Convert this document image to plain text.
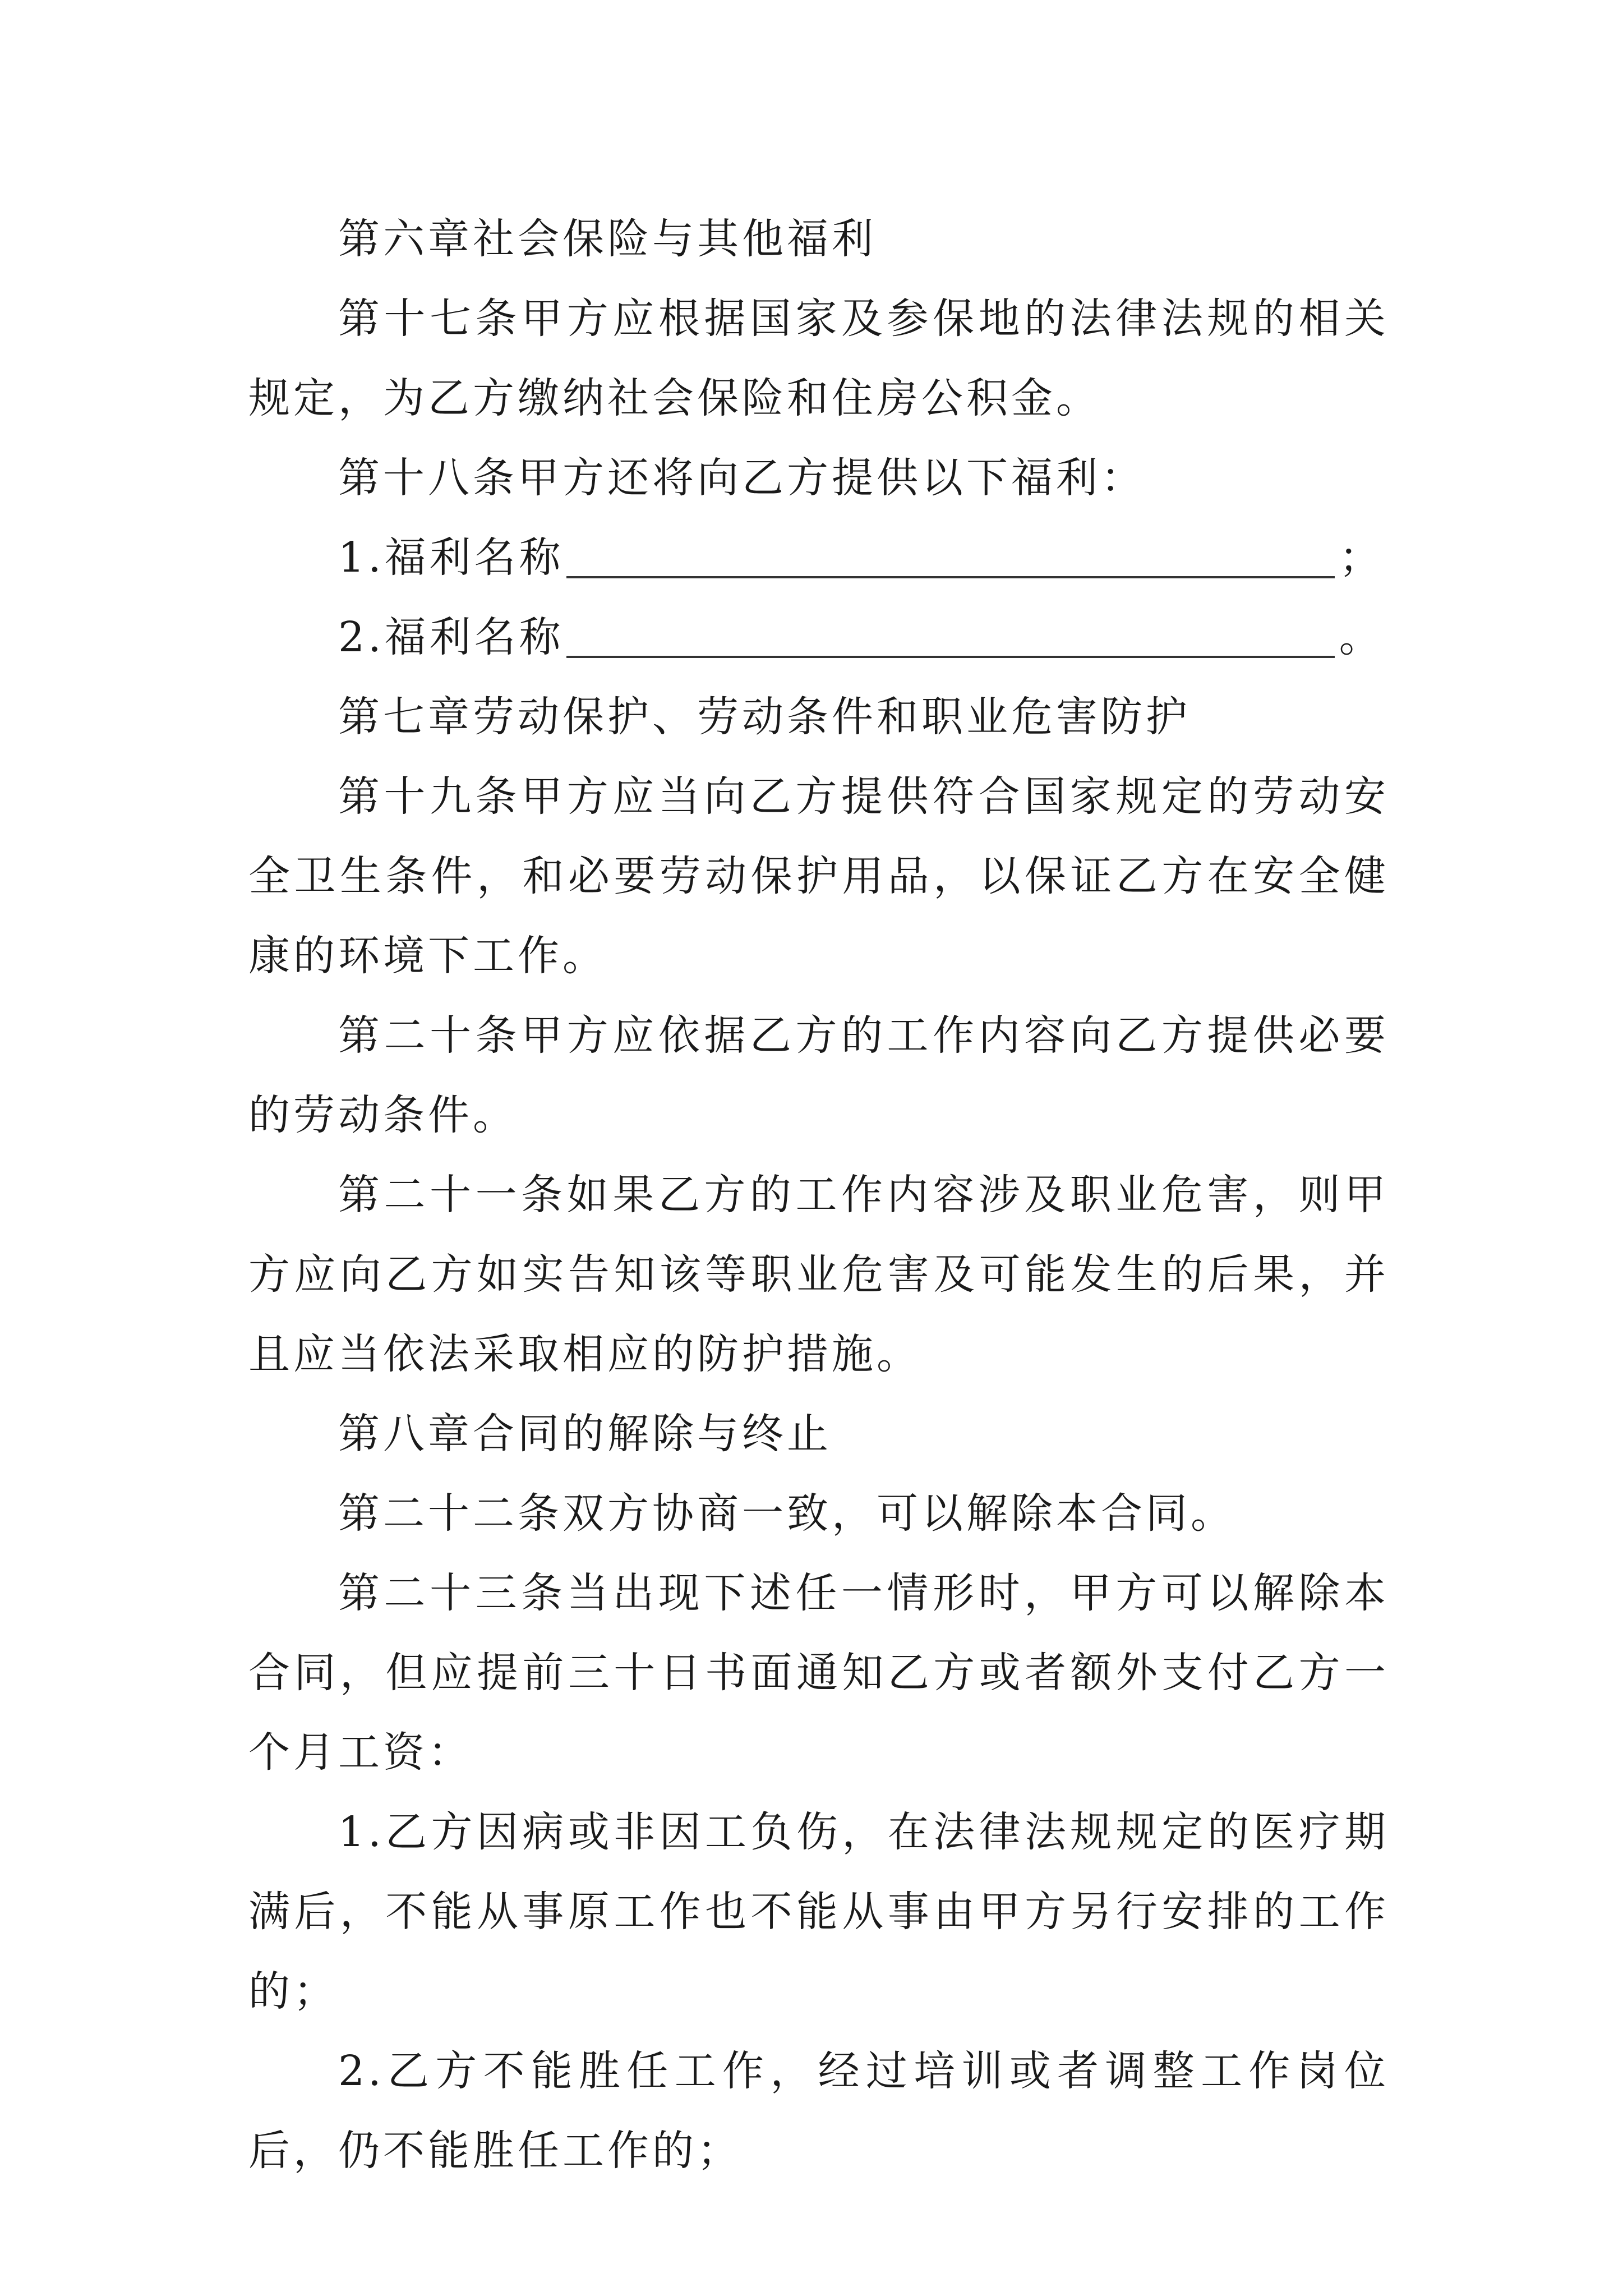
第六章社会保险与其他福利

第十七条甲方应根据国家及参保地的法律法规的相关规定，为乙方缴纳社会保险和住房公积金。

第十八条甲方还将向乙方提供以下福利：

1.福利名称	；

2.福利名称	。

第七章劳动保护、劳动条件和职业危害防护

第十九条甲方应当向乙方提供符合国家规定的劳动安全卫生条件，和必要劳动保护用品，以保证乙方在安全健康的环境下工作。

第二十条甲方应依据乙方的工作内容向乙方提供必要的劳动条件。

第二十一条如果乙方的工作内容涉及职业危害，则甲方应向乙方如实告知该等职业危害及可能发生的后果，并且应当依法采取相应的防护措施。

第八章合同的解除与终止

第二十二条双方协商一致，可以解除本合同。

第二十三条当出现下述任一情形时，甲方可以解除本合同，但应提前三十日书面通知乙方或者额外支付乙方一个月工资：

1.乙方因病或非因工负伤，在法律法规规定的医疗期满后，不能从事原工作也不能从事由甲方另行安排的工作的；

2.乙方不能胜任工作，经过培训或者调整工作岗位后，仍不能胜任工作的；
